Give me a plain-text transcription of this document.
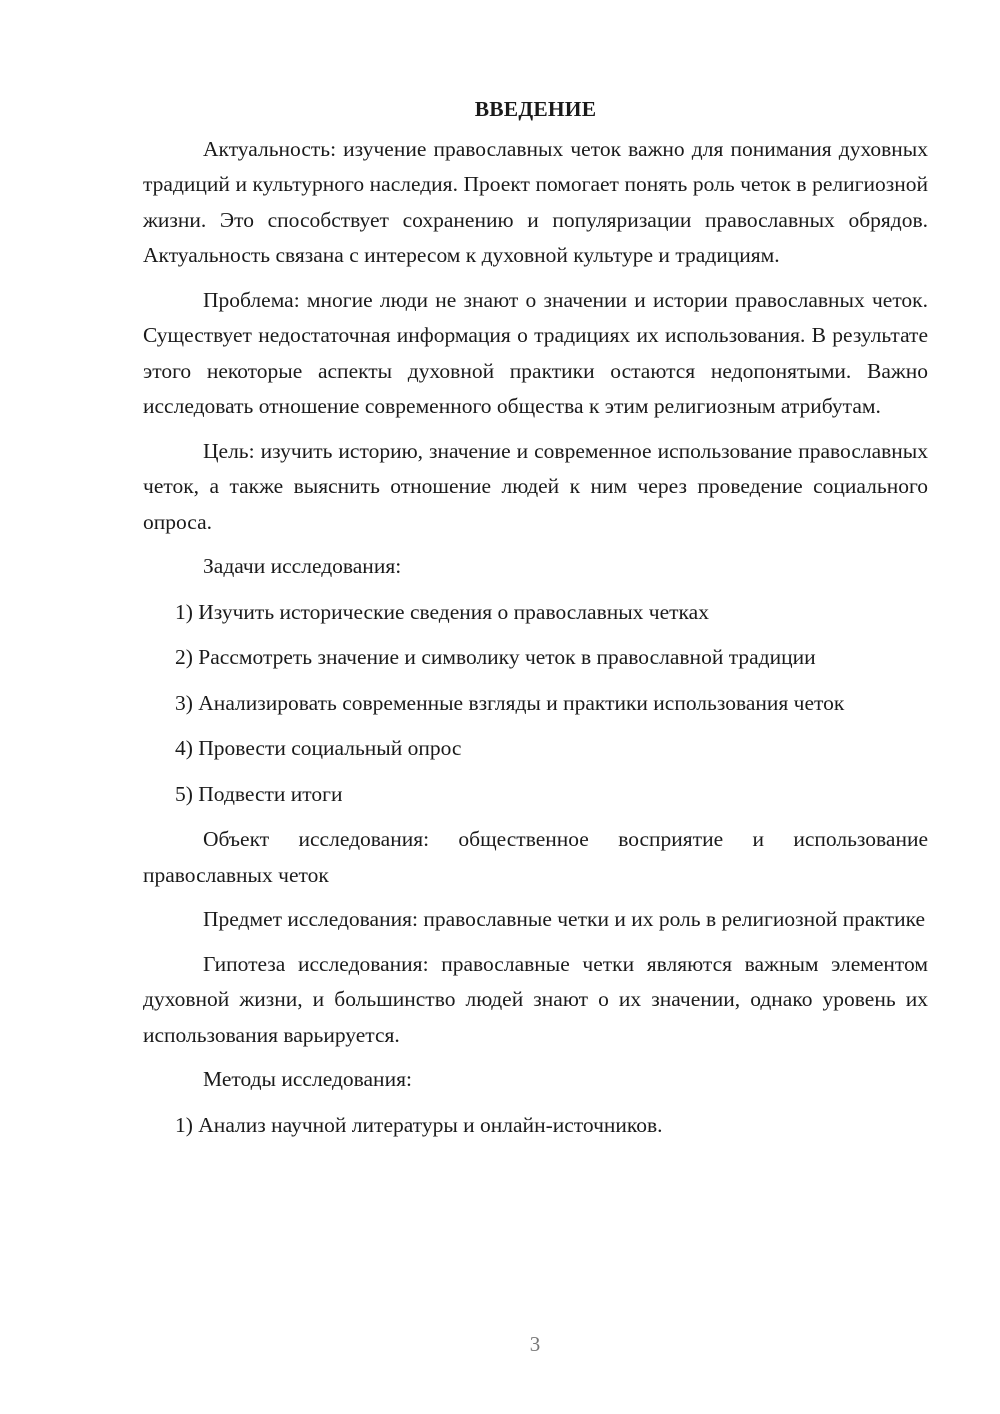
ВВЕДЕНИЕ

Актуальность: изучение православных четок важно для понимания духовных традиций и культурного наследия. Проект помогает понять роль четок в религиозной жизни. Это способствует сохранению и популяризации православных обрядов. Актуальность связана с интересом к духовной культуре и традициям.

Проблема: многие люди не знают о значении и истории православных четок. Существует недостаточная информация о традициях их использования. В результате этого некоторые аспекты духовной практики остаются недопонятыми. Важно исследовать отношение современного общества к этим религиозным атрибутам.

Цель: изучить историю, значение и современное использование православных четок, а также выяснить отношение людей к ним через проведение социального опроса.

Задачи исследования:

1) Изучить исторические сведения о православных четках

2) Рассмотреть значение и символику четок в православной традиции

3) Анализировать современные взгляды и практики использования четок

4) Провести социальный опрос

5) Подвести итоги

Объект исследования: общественное восприятие и использование православных четок

Предмет исследования: православные четки и их роль в религиозной практике

Гипотеза исследования: православные четки являются важным элементом духовной жизни, и большинство людей знают о их значении, однако уровень их использования варьируется.

Методы исследования:

1) Анализ научной литературы и онлайн-источников.

3
